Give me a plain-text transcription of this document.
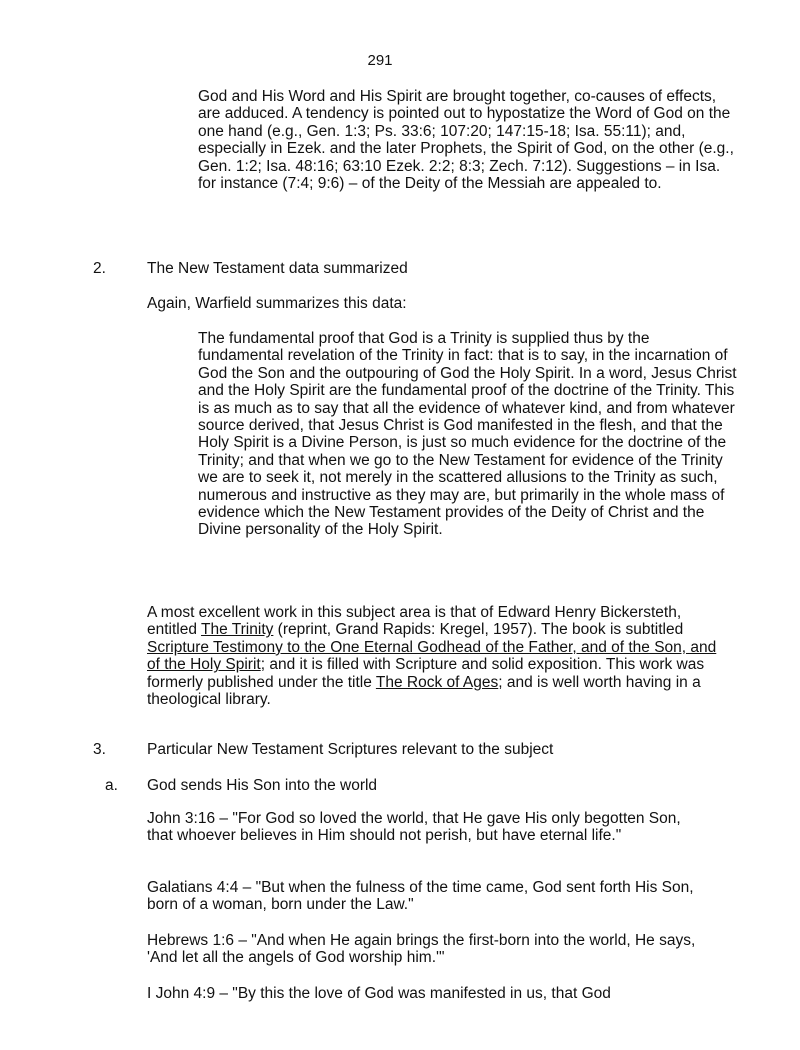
291
God and His Word and His Spirit are brought together, co-causes of effects, are adduced. A tendency is pointed out to hypostatize the Word of God on the one hand (e.g., Gen. 1:3; Ps. 33:6; 107:20; 147:15-18; Isa. 55:11); and, especially in Ezek. and the later Prophets, the Spirit of God, on the other (e.g., Gen. 1:2; Isa. 48:16; 63:10 Ezek. 2:2; 8:3; Zech. 7:12). Suggestions – in Isa. for instance (7:4; 9:6) – of the Deity of the Messiah are appealed to.
2.	The New Testament data summarized
Again, Warfield summarizes this data:
The fundamental proof that God is a Trinity is supplied thus by the fundamental revelation of the Trinity in fact: that is to say, in the incarnation of God the Son and the outpouring of God the Holy Spirit. In a word, Jesus Christ and the Holy Spirit are the fundamental proof of the doctrine of the Trinity. This is as much as to say that all the evidence of whatever kind, and from whatever source derived, that Jesus Christ is God manifested in the flesh, and that the Holy Spirit is a Divine Person, is just so much evidence for the doctrine of the Trinity; and that when we go to the New Testament for evidence of the Trinity we are to seek it, not merely in the scattered allusions to the Trinity as such, numerous and instructive as they may are, but primarily in the whole mass of evidence which the New Testament provides of the Deity of Christ and the Divine personality of the Holy Spirit.
A most excellent work in this subject area is that of Edward Henry Bickersteth, entitled The Trinity (reprint, Grand Rapids: Kregel, 1957). The book is subtitled Scripture Testimony to the One Eternal Godhead of the Father, and of the Son, and of the Holy Spirit; and it is filled with Scripture and solid exposition. This work was formerly published under the title The Rock of Ages; and is well worth having in a theological library.
3.	Particular New Testament Scriptures relevant to the subject
a. God sends His Son into the world
John 3:16 – "For God so loved the world, that He gave His only begotten Son, that whoever believes in Him should not perish, but have eternal life."
Galatians 4:4 – "But when the fulness of the time came, God sent forth His Son, born of a woman, born under the Law."
Hebrews 1:6 – "And when He again brings the first-born into the world, He says, 'And let all the angels of God worship him.'"
I John 4:9 – "By this the love of God was manifested in us, that God
